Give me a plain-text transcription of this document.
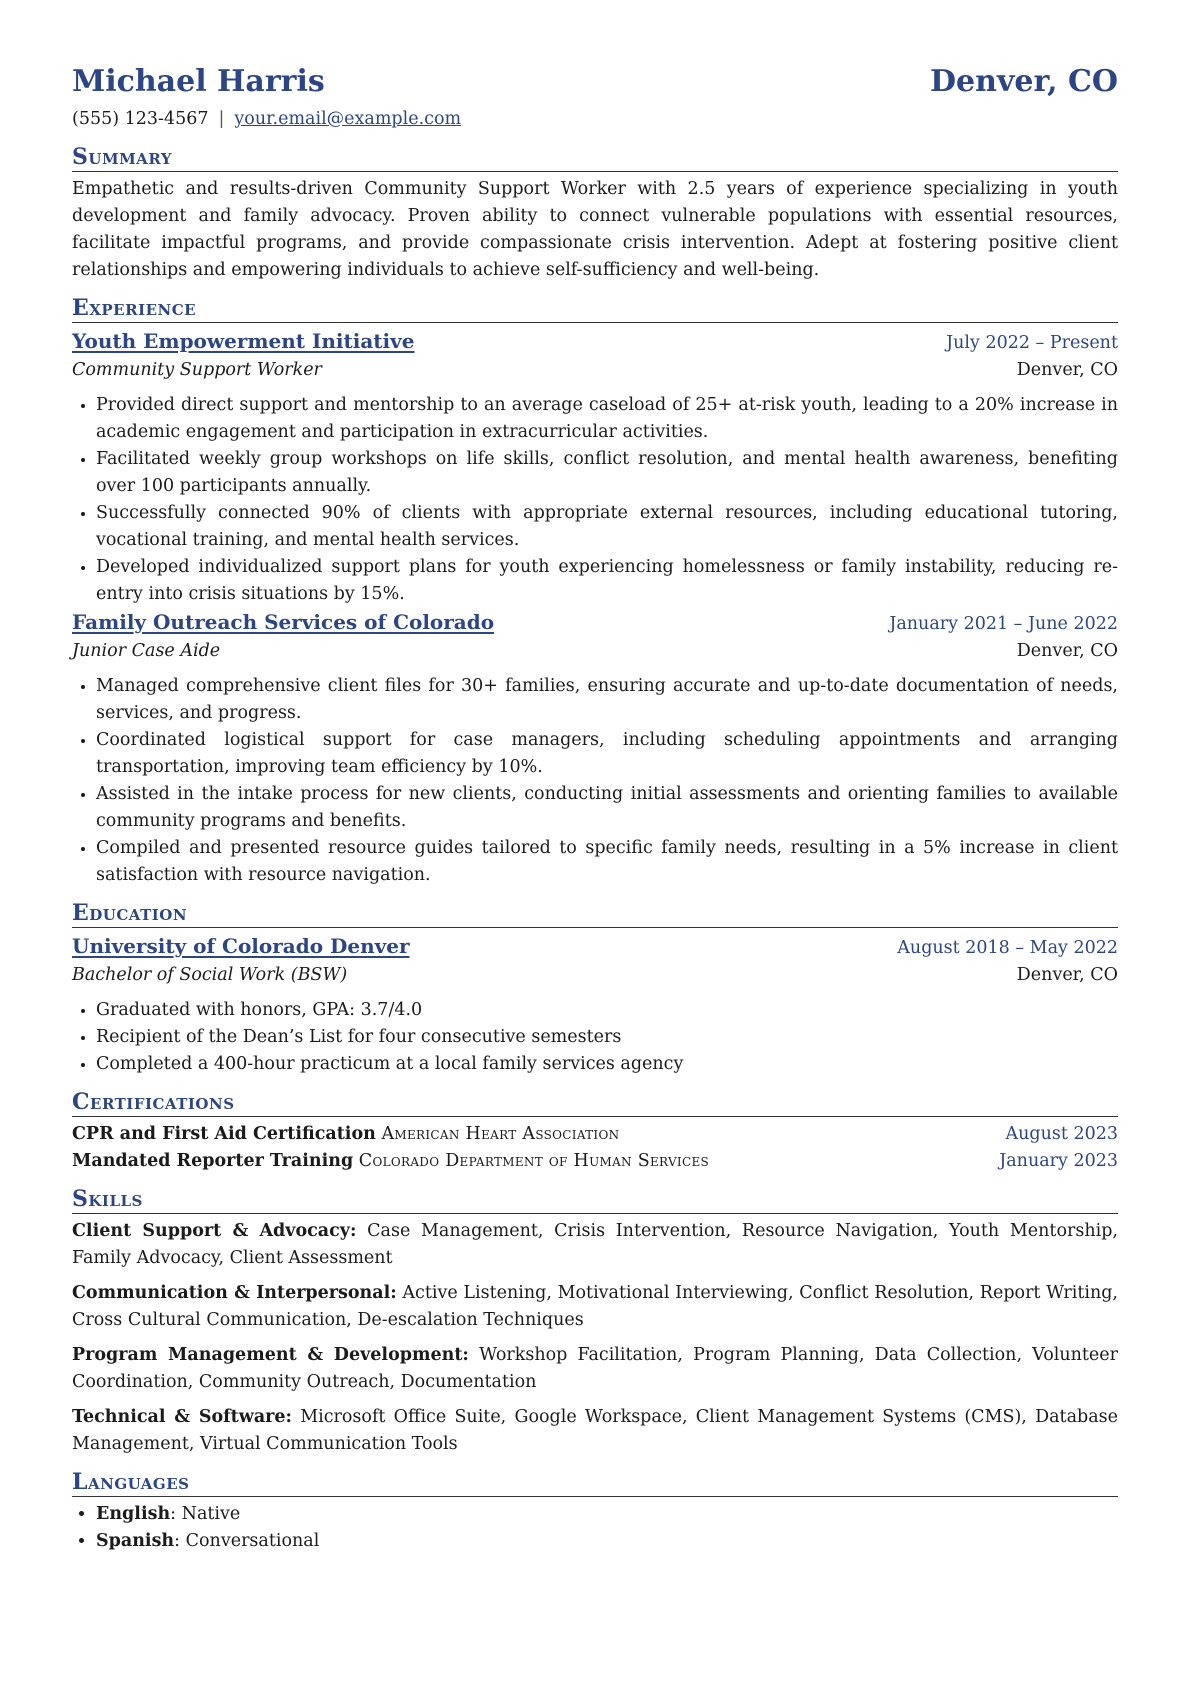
Michael Harris	Denver, CO
(555) 123-4567 | your.email@example.com
Summary
Empathetic and results-driven Community Support Worker with 2.5 years of experience specializing in youth development and family advocacy. Proven ability to connect vulnerable populations with essential resources, facilitate impactful programs, and provide compassionate crisis intervention. Adept at fostering positive client relationships and empowering individuals to achieve self-sufficiency and well-being.
Experience
Youth Empowerment Initiative	July 2022 – Present
Community Support Worker	Denver, CO
• Provided direct support and mentorship to an average caseload of 25+ at-risk youth, leading to a 20% increase in academic engagement and participation in extracurricular activities.
• Facilitated weekly group workshops on life skills, conflict resolution, and mental health awareness, benefiting over 100 participants annually.
• Successfully connected 90% of clients with appropriate external resources, including educational tutoring, vocational training, and mental health services.
• Developed individualized support plans for youth experiencing homelessness or family instability, reducing re-entry into crisis situations by 15%.
Family Outreach Services of Colorado	January 2021 – June 2022
Junior Case Aide	Denver, CO
• Managed comprehensive client files for 30+ families, ensuring accurate and up-to-date documentation of needs, services, and progress.
• Coordinated logistical support for case managers, including scheduling appointments and arranging transportation, improving team efficiency by 10%.
• Assisted in the intake process for new clients, conducting initial assessments and orienting families to available community programs and benefits.
• Compiled and presented resource guides tailored to specific family needs, resulting in a 5% increase in client satisfaction with resource navigation.
Education
University of Colorado Denver	August 2018 – May 2022
Bachelor of Social Work (BSW)	Denver, CO
• Graduated with honors, GPA: 3.7/4.0
• Recipient of the Dean’s List for four consecutive semesters
• Completed a 400-hour practicum at a local family services agency
Certifications
CPR and First Aid Certification American Heart Association	August 2023
Mandated Reporter Training Colorado Department of Human Services	January 2023
Skills
Client Support & Advocacy: Case Management, Crisis Intervention, Resource Navigation, Youth Mentorship, Family Advocacy, Client Assessment
Communication & Interpersonal: Active Listening, Motivational Interviewing, Conflict Resolution, Report Writing, Cross Cultural Communication, De-escalation Techniques
Program Management & Development: Workshop Facilitation, Program Planning, Data Collection, Volunteer Coordination, Community Outreach, Documentation
Technical & Software: Microsoft Office Suite, Google Workspace, Client Management Systems (CMS), Database Management, Virtual Communication Tools
Languages
• English: Native
• Spanish: Conversational
